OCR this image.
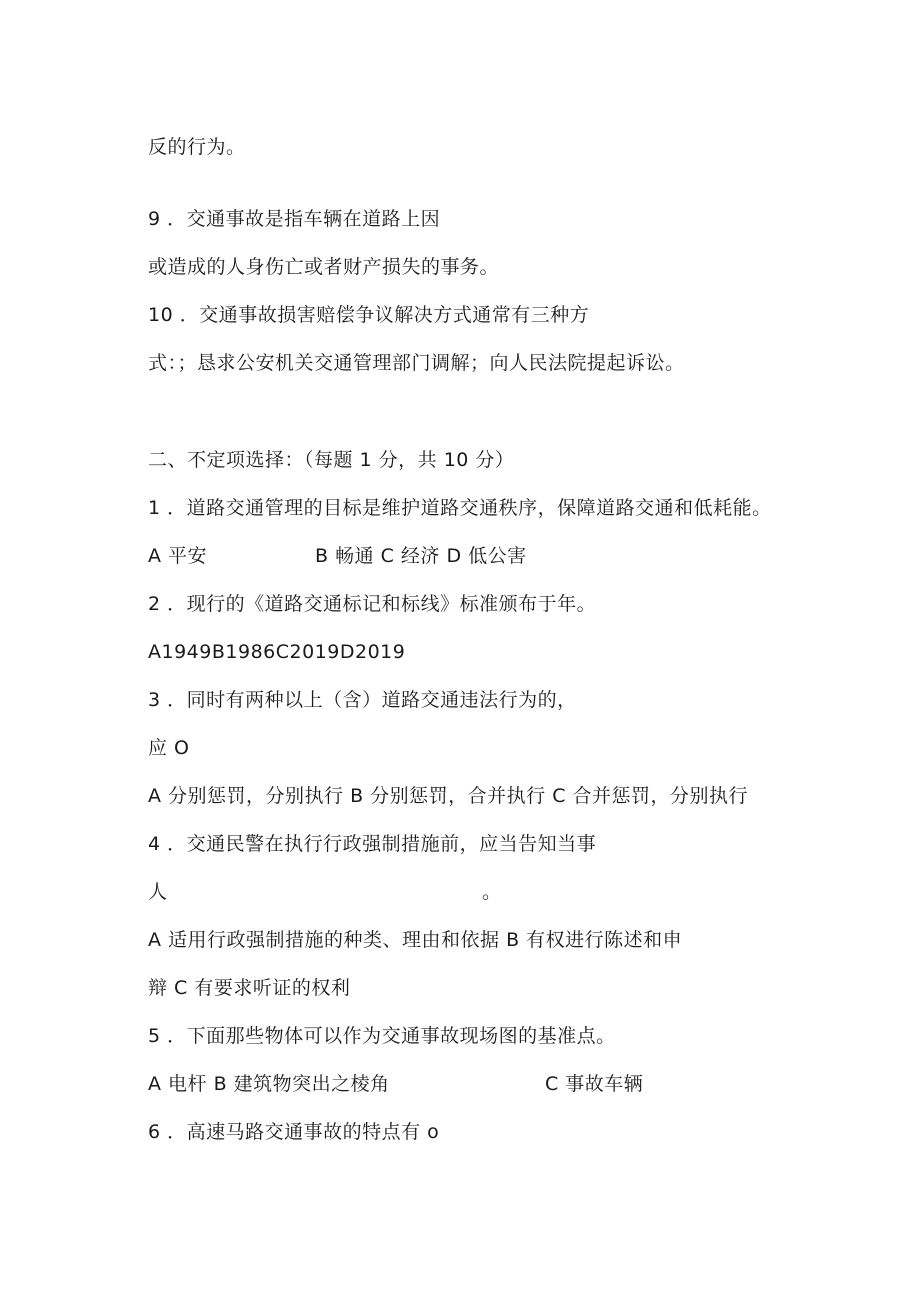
反的行为。
9 ．交通事故是指车辆在道路上因
或造成的人身伤亡或者财产损失的事务。
10 ．交通事故损害赔偿争议解决方式通常有三种方
式：；恳求公安机关交通管理部门调解；向人民法院提起诉讼。
二、不定项选择：（每题 1 分，共 10 分）
1 ．道路交通管理的目标是维护道路交通秩序，保障道路交通和低耗能。

A 平安

	B 畅通 C 经济 D 低公害

2 ．现行的《道路交通标记和标线》标准颁布于年。
A1949B1986C2019D2019
3 ．同时有两种以上（含）道路交通违法行为的，
应 O
A 分别惩罚，分别执行 B 分别惩罚，合并执行 C 合并惩罚，分别执行
4 ．交通民警在执行行政强制措施前，应当告知当事

人

	。

A 适用行政强制措施的种类、理由和依据 B 有权进行陈述和申
辩 C 有要求听证的权利
5 ．下面那些物体可以作为交通事故现场图的基准点。

A 电杆 B 建筑物突出之棱角

	C 事故车辆

6 ．高速马路交通事故的特点有 o
